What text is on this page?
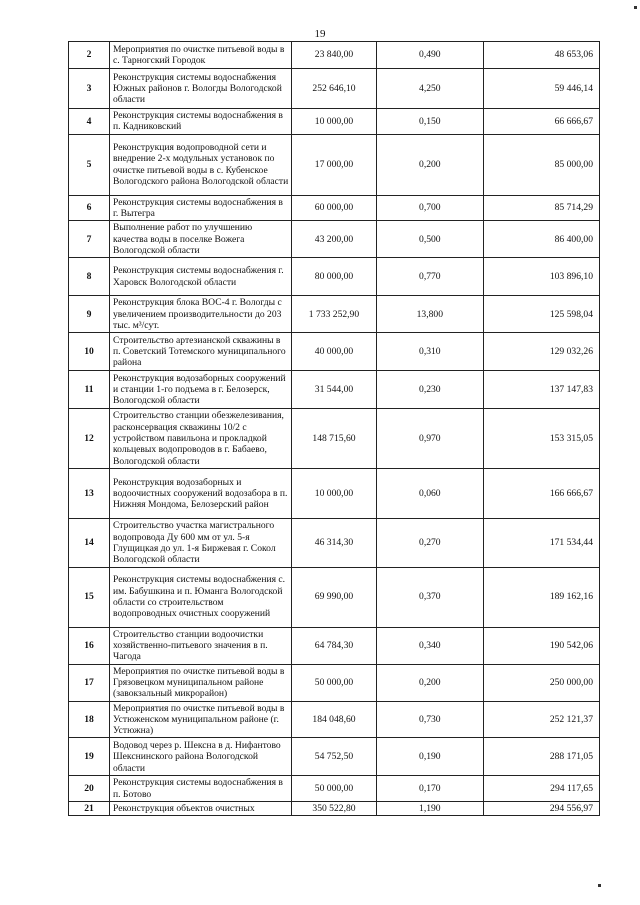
19
2	Мероприятия по очистке питьевой воды в с. Тарногский Городок	23 840,00	0,490	48 653,06
3	Реконструкция системы водоснабжения Южных районов г. Вологды Вологодской области	252 646,10	4,250	59 446,14
4	Реконструкция системы водоснабжения в п. Кадниковский	10 000,00	0,150	66 666,67
5	Реконструкция водопроводной сети и внедрение 2-х модульных установок по очистке питьевой воды в с. Кубенское Вологодского района Вологодской области	17 000,00	0,200	85 000,00
6	Реконструкция системы водоснабжения в г. Вытегра	60 000,00	0,700	85 714,29
7	Выполнение работ по улучшению качества воды в поселке Вожега Вологодской области	43 200,00	0,500	86 400,00
8	Реконструкция системы водоснабжения г. Харовск Вологодской области	80 000,00	0,770	103 896,10
9	Реконструкция блока ВОС-4 г. Вологды с увеличением производительности до 203 тыс. м³/сут.	1 733 252,90	13,800	125 598,04
10	Строительство артезианской скважины в п. Советский Тотемского муниципального района	40 000,00	0,310	129 032,26
11	Реконструкция водозаборных сооружений и станции 1-го подъема в г. Белозерск, Вологодской области	31 544,00	0,230	137 147,83
12	Строительство станции обезжелезивания, расконсервация скважины 10/2 с устройством павильона и прокладкой кольцевых водопроводов в г. Бабаево, Вологодской области	148 715,60	0,970	153 315,05
13	Реконструкция водозаборных и водоочистных сооружений водозабора в п. Нижняя Мондома, Белозерский район	10 000,00	0,060	166 666,67
14	Строительство участка магистрального водопровода Ду 600 мм от ул. 5-я Глущицкая до ул. 1-я Биржевая г. Сокол Вологодской области	46 314,30	0,270	171 534,44
15	Реконструкция системы водоснабжения с. им. Бабушкина и п. Юманга Вологодской области со строительством водопроводных очистных сооружений	69 990,00	0,370	189 162,16
16	Строительство станции водоочистки хозяйственно-питьевого значения в п. Чагода	64 784,30	0,340	190 542,06
17	Мероприятия по очистке питьевой воды в Грязовецком муниципальном районе (завокзальный микрорайон)	50 000,00	0,200	250 000,00
18	Мероприятия по очистке питьевой воды в Устюженском муниципальном районе (г. Устюжна)	184 048,60	0,730	252 121,37
19	Водовод через р. Шексна в д. Нифантово Шекснинского района Вологодской области	54 752,50	0,190	288 171,05
20	Реконструкция системы водоснабжения в п. Ботово	50 000,00	0,170	294 117,65
21	Реконструкция объектов очистных	350 522,80	1,190	294 556,97
